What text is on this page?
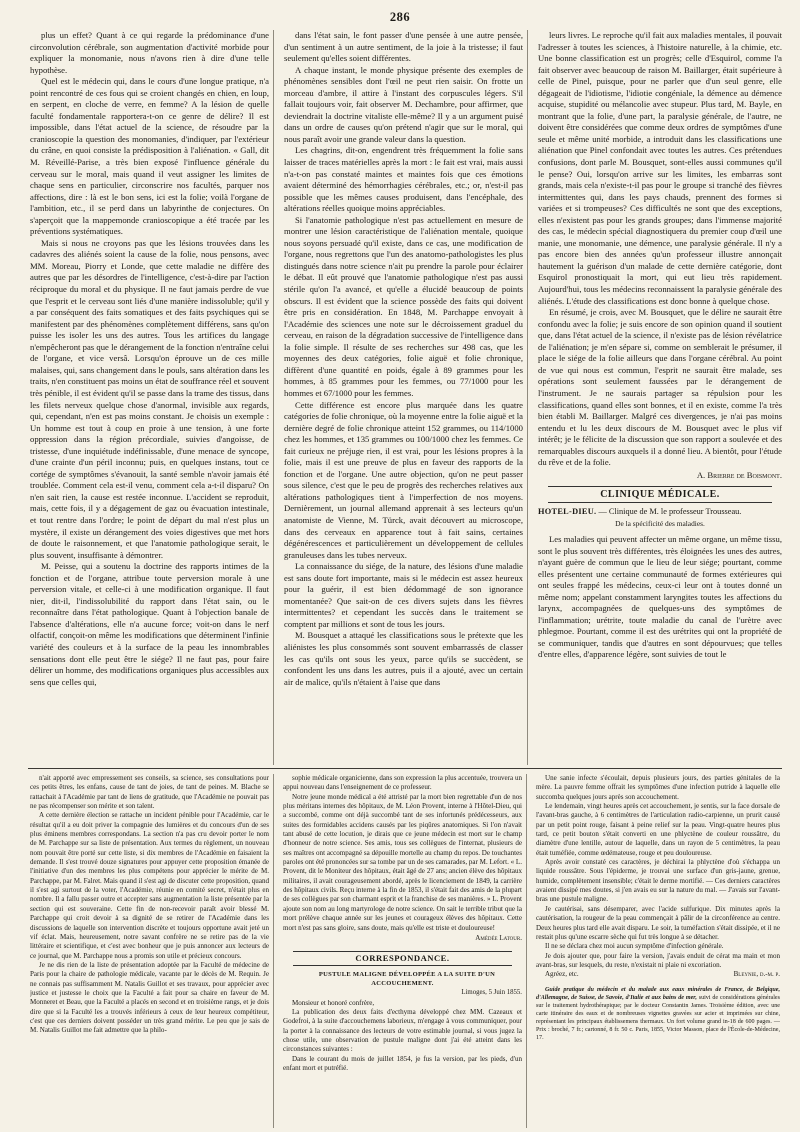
286

plus un effet? Quant à ce qui regarde la prédominance d'une circonvolution cérébrale, son augmentation d'activité morbide pour expliquer la monomanie, nous n'avons rien à dire d'une telle hypothèse.

Quel est le médecin qui, dans le cours d'une longue pratique, n'a point rencontré de ces fous qui se croient changés en chien, en loup, en serpent, en cloche de verre, en femme? A la lésion de quelle faculté fondamentale rapportera-t-on ce genre de délire? Il est impossible, dans l'état actuel de la science, de résoudre par la cranioscopie la question des monomanies, d'indiquer, par l'extérieur du crâne, en quoi consiste la prédisposition à l'aliénation. « Gall, dit M. Réveillé-Parise, a très bien exposé l'influence générale du cerveau sur le moral, mais quand il veut assigner les limites de chaque sens en particulier, circonscrire nos facultés, parquer nos affections, dire : là est le bon sens, ici est la folie; voilà l'organe de l'ambition, etc., il se perd dans un labyrinthe de conjectures. On s'aperçoit que la mappemonde cranioscopique a été tracée par les préventions systématiques.

Mais si nous ne croyons pas que les lésions trouvées dans les cadavres des aliénés soient la cause de la folie, nous pensons, avec MM. Moreau, Piorry et Londe, que cette maladie ne diffère des autres que par les désordres de l'intelligence, c'est-à-dire par l'action réciproque du moral et du physique. Il ne faut jamais perdre de vue que l'esprit et le cerveau sont liés d'une manière indissoluble; qu'il y a par conséquent des faits somatiques et des faits psychiques qui se manifestent par des phénomènes complètement différens, sans qu'on puisse les isoler les uns des autres. Tous les artifices du langage n'empêcheront pas que le dérangement de la fonction n'entraîne celui de l'organe, et vice versâ. Lorsqu'on éprouve un de ces mille malaises, qui, sans changement dans le pouls, sans altération dans les traits, n'en constituent pas moins un état de souffrance réel et souvent très pénible, il est évident qu'il se passe dans la trame des tissus, dans les filets nerveux quelque chose d'anormal, invisible aux regards, qui, cependant, n'en est pas moins constant. Je choisis un exemple : Un homme est tout à coup en proie à une tension, à une forte oppression dans la région précordiale, suivies d'angoisse, de tristesse, d'une inquiétude indéfinissable, d'une menace de syncope, d'une crainte d'un péril inconnu; puis, en quelques instans, tout ce cortége de symptômes s'évanouit, la santé semble n'avoir jamais été troublée. Comment cela est-il venu, comment cela a-t-il disparu? On n'en sait rien, la cause est restée inconnue. L'accident se reproduit, mais, cette fois, il y a dégagement de gaz ou évacuation intestinale, et tout rentre dans l'ordre; le point de départ du mal n'est plus un mystère, il existe un dérangement des voies digestives que met hors de doute le raisonnement, et que l'anatomie pathologique serait, le plus souvent, insuffisante à démontrer.

M. Peisse, qui a soutenu la doctrine des rapports intimes de la fonction et de l'organe, attribue toute perversion morale à une perversion vitale, et celle-ci à une modification organique. Il faut nier, dit-il, l'indissolubilité du rapport dans l'état sain, ou le reconnaître dans l'état pathologique. Quant à l'objection banale de l'absence d'altérations, elle n'a aucune force; voit-on dans le nerf olfactif, conçoit-on même les modifications que déterminent l'infinie variété des couleurs et à la surface de la peau les innombrables sensations dont elle peut être le siége? Il ne faut pas, pour faire délirer un homme, des modifications organiques plus accessibles aux sens que celles qui,

dans l'état sain, le font passer d'une pensée à une autre pensée, d'un sentiment à un autre sentiment, de la joie à la tristesse; il faut seulement qu'elles soient différentes.

A chaque instant, le monde physique présente des exemples de phénomènes sensibles dont l'œil ne peut rien saisir. On frotte un morceau d'ambre, il attire à l'instant des corpuscules légers. S'il fallait toujours voir, fait observer M. Dechambre, pour affirmer, que deviendrait la doctrine vitaliste elle-même? Il y a un argument puisé dans un ordre de causes qu'on prétend n'agir que sur le moral, qui nous paraît avoir une grande valeur dans la question.

Les chagrins, dit-on, engendrent très fréquemment la folie sans laisser de traces matérielles après la mort : le fait est vrai, mais aussi n'a-t-on pas constaté maintes et maintes fois que ces émotions avaient déterminé des hémorrhagies cérébrales, etc.; or, n'est-il pas possible que les mêmes causes produisent, dans l'encéphale, des altérations réelles quoique moins appréciables.

Si l'anatomie pathologique n'est pas actuellement en mesure de montrer une lésion caractéristique de l'aliénation mentale, quoique nous soyons persuadé qu'il existe, dans ce cas, une modification de l'organe, nous regrettons que l'un des anatomo-pathologistes les plus distingués dans notre science n'ait pu prendre la parole pour éclairer le débat. Il eût prouvé que l'anatomie pathologique n'est pas aussi stérile qu'on l'a avancé, et qu'elle a élucidé beaucoup de points obscurs. Il est évident que la science possède des faits qui doivent être pris en considération. En 1848, M. Parchappe envoyait à l'Académie des sciences une note sur le décroissement graduel du cerveau, en raison de la dégradation successive de l'intelligence dans la folie simple. Il résulte de ses recherches sur 498 cas, que les moyennes des deux catégories, folie aiguë et folie chronique, diffèrent d'une quantité en poids, égale à 89 grammes pour les hommes, à 85 grammes pour les femmes, ou 77/1000 pour les hommes et 67/1000 pour les femmes.

Cette différence est encore plus marquée dans les quatre catégories de folie chronique, où la moyenne entre la folie aiguë et la dernière degré de folie chronique atteint 152 grammes, ou 114/1000 chez les hommes, et 135 grammes ou 100/1000 chez les femmes. Ce fait curieux ne préjuge rien, il est vrai, pour les lésions propres à la folie, mais il est une preuve de plus en faveur des rapports de la fonction et de l'organe. Une autre objection, qu'on ne peut passer sous silence, c'est que le peu de progrès des recherches relatives aux altérations pathologiques tient à l'imperfection de nos moyens. Dernièrement, un journal allemand apprenait à ses lecteurs qu'un anatomiste de Vienne, M. Türck, avait découvert au microscope, dans des cerveaux en apparence tout à fait sains, certaines dégénérescences et particulièrement un développement de cellules granuleuses dans les tubes nerveux.

La connaissance du siége, de la nature, des lésions d'une maladie est sans doute fort importante, mais si le médecin est assez heureux pour la guérir, il est bien dédommagé de son ignorance momentanée? Que sait-on de ces divers sujets dans les fièvres intermittentes? et cependant les succès dans le traitement se comptent par millions et sont de tous les jours.

M. Bousquet a attaqué les classifications sous le prétexte que les aliénistes les plus consommés sont souvent embarrassés de classer les cas qu'ils ont sous les yeux, parce qu'ils se succèdent, se confondent les uns dans les autres, puis il a ajouté, avec un certain air de malice, qu'ils n'étaient à l'aise que dans

leurs livres. Le reproche qu'il fait aux maladies mentales, il pouvait l'adresser à toutes les sciences, à l'histoire naturelle, à la chimie, etc. Une bonne classification est un progrès; celle d'Esquirol, comme l'a fait observer avec beaucoup de raison M. Baillarger, était supérieure à celle de Pinel, puisque, pour ne parler que d'un seul genre, elle dégageait de l'idiotisme, l'idiotie congéniale, la démence au démence acquise, stupidité ou mélancolie avec stupeur. Plus tard, M. Bayle, en montrant que la folie, d'une part, la paralysie générale, de l'autre, ne doivent être considérées que comme deux ordres de symptômes d'une seule et même unité morbide, a introduit dans les classifications une aliénation que Pinel confondait avec toutes les autres. Ces prétendues confusions, dont parle M. Bousquet, sont-elles aussi communes qu'il le pense? Oui, lorsqu'on arrive sur les limites, les embarras sont grands, mais cela n'existe-t-il pas pour le groupe si tranché des fièvres intermittentes qui, dans les pays chauds, prennent des formes si variées et si trompeuses? Ces difficultés ne sont que des exceptions, elles n'existent pas pour les grands groupes; dans l'immense majorité des cas, le médecin spécial diagnostiquera du premier coup d'œil une manie, une monomanie, une démence, une paralysie générale. Il n'y a pas encore bien des années qu'un professeur illustre annonçait hautement la guérison d'un malade de cette dernière catégorie, dont Esquirol pronostiquait la mort, qui eut lieu très rapidement. Aujourd'hui, tous les médecins reconnaissent la paralysie générale des aliénés. L'étude des classifications est donc bonne à quelque chose.

En résumé, je crois, avec M. Bousquet, que le délire ne saurait être confondu avec la folie; je suis encore de son opinion quand il soutient que, dans l'état actuel de la science, il n'existe pas de lésion révélatrice de l'aliénation; je m'en sépare si, comme on semblerait le présumer, il place le siége de la folie ailleurs que dans l'organe cérébral. Au point de vue qui nous est commun, l'esprit ne saurait être malade, ses opérations sont seulement faussées par le dérangement de l'instrument. Je ne saurais partager sa répulsion pour les classifications, quand elles sont bonnes, et il en existe, comme l'a très bien établi M. Baillarger. Malgré ces divergences, je n'ai pas moins entendu et lu les deux discours de M. Bousquet avec le plus vif intérêt; je le félicite de la discussion que son rapport a soulevée et des remarquables discours auxquels il a donné lieu. A bientôt, pour l'étude du rêve et de la folie.

A. Brierre de Boismont.

CLINIQUE MÉDICALE.

HOTEL-DIEU. — Clinique de M. le professeur Trousseau.

De la spécificité des maladies.

Les maladies qui peuvent affecter un même organe, un même tissu, sont le plus souvent très différentes, très éloignées les unes des autres, n'ayant guère de commun que le lieu de leur siége; pourtant, comme elles présentent une certaine communauté de formes extérieures qui ont seules frappé les médecins, ceux-ci leur ont à toutes donné un même nom; appelant constamment laryngites toutes les affections du larynx, accompagnées de quelques-uns des symptômes de l'inflammation; urétrite, toute maladie du canal de l'urètre avec phlegmoe. Pourtant, comme il est des urétrites qui ont la propriété de se communiquer, tandis que d'autres en sont dépourvues; que telles d'entre elles, d'apparence légère, sont suivies de tout le

n'ait apporté avec empressement ses conseils, sa science, ses consultations pour ces petits êtres, les enfans, cause de tant de joies, de tant de peines. M. Blache se rattachait à l'Académie par tant de liens de gratitude, que l'Académie ne pouvait pas ne pas récompenser son mérite et son talent.

A cette dernière élection se rattache un incident pénible pour l'Académie, car le résultat qu'il a eu doit priver la compagnie des lumières et du concours d'un de ses plus éminens membres correspondans. La section n'a pas cru devoir porter le nom de M. Parchappe sur sa liste de présentation. Aux termes du règlement, un nouveau nom pouvait être porté sur cette liste, si dix membres de l'Académie en faisaient la demande. Il s'est trouvé douze signatures pour appuyer cette proposition émanée de l'initiative d'un des membres les plus compétens pour apprécier le mérite de M. Parchappe, par M. Falret. Mais quand il s'est agi de discuter cette proposition, quand il s'est agi surtout de la voter, l'Académie, réunie en comité secret, n'était plus en nombre. Il a fallu passer outre et accepter sans augmentation la liste présentée par la section qui est souveraine. Cette fin de non-recevoir paraît avoir blessé M. Parchappe qui croit devoir à sa dignité de se retirer de l'Académie dans les discussions de laquelle son intervention discrète et toujours opportune avait jeté un vif éclat. Mais, heureusement, notre savant confrère ne se retire pas de la vie littéraire et scientifique, et c'est avec bonheur que je puis annoncer aux lecteurs de ce journal, que M. Parchappe nous a promis son utile et précieux concours.

Je ne dis rien de la liste de présentation adoptée par la Faculté de médecine de Paris pour la chaire de pathologie médicale, vacante par le décès de M. Requin. Je ne connais pas suffisamment M. Natalis Guillot et ses travaux, pour apprécier avec justice et justesse le choix que la Faculté a fait pour sa chaire en faveur de M. Monneret et Beau, que la Faculté a placés en second et en troisième rangs, et je dois dire que si la Faculté les a trouvés inférieurs à ceux de leur heureux compétiteur, c'est que ces derniers doivent posséder un très grand mérite. Le peu que je sais de M. Natalis Guillot me fait admettre que la philo-

sophie médicale organicienne, dans son expression la plus accentuée, trouvera un appui nouveau dans l'enseignement de ce professeur.

Notre jeune monde médical a été attristé par la mort bien regrettable d'un de nos plus méritans internes des hôpitaux, de M. Léon Provent, interne à l'Hôtel-Dieu, qui a succombé, comme ont déjà succombé tant de ses infortunés prédécesseurs, aux suites des formidables accidens causés par les piqûres anatomiques. Si l'on n'avait tant abusé de cette locution, je dirais que ce jeune médecin est mort sur le champ d'honneur de notre science. Ses amis, tous ses collègues de l'internat, plusieurs de ses maîtres ont accompagné sa dépouille mortelle au champ du repos. De touchantes paroles ont été prononcées sur sa tombe par un de ses camarades, par M. Lefort. « L. Provent, dit le Moniteur des hôpitaux, était âgé de 27 ans; ancien élève des hôpitaux militaires, il avait courageusement abordé, après le licenciement de 1849, la carrière des hôpitaux civils. Reçu interne à la fin de 1853, il s'était fait des amis de la plupart de ses collègues par son charmant esprit et la franchise de ses manières. » L. Provent ajoute son nom au long martyrologe de notre science. On sait le terrible tribut que la mort prélève chaque année sur les jeunes et courageux élèves des hôpitaux. Cette mort n'est pas sans gloire, sans doute, mais qu'elle est triste et douloureuse!

Amédée Latour.

CORRESPONDANCE.

PUSTULE MALIGNE DÉVELOPPÉE A LA SUITE D'UN ACCOUCHEMENT.

Limoges, 5 Juin 1855.

Monsieur et honoré confrère,

La publication des deux faits d'ecthyma développé chez MM. Cazeaux et Godefroi, à la suite d'accouchemens laborieux, m'engage à vous communiquer, pour la porter à la connaissance des lecteurs de votre estimable journal, si vous jugez la chose utile, une observation de pustule maligne dont j'ai été atteint dans les circonstances suivantes :

Dans le courant du mois de juillet 1854, je fus la version, par les pieds, d'un enfant mort et putréfié.

Une sanie infecte s'écoulait, depuis plusieurs jours, des parties génitales de la mère. La pauvre femme offrait les symptômes d'une infection putride à laquelle elle succomba quelques jours après son accouchement.

Le lendemain, vingt heures après cet accouchement, je sentis, sur la face dorsale de l'avant-bras gauche, à 6 centimètres de l'articulation radio-carpienne, un prurit causé par un petit point rouge, faisant à peine relief sur la peau. Vingt-quatre heures plus tard, ce petit bouton s'était converti en une phlyctène de couleur roussâtre, du diamètre d'une lentille, autour de laquelle, dans un rayon de 5 centimètres, la peau était tuméfiée, comme œdémateuse, rouge et peu douloureuse.

Après avoir constaté ces caractères, je déchirai la phlyctène d'où s'échappa un liquide roussâtre. Sous l'épiderme, je trouvai une surface d'un gris-jaune, grenue, humide, complètement insensible; c'était le derme mortifié. — Ces derniers caractères avaient dissipé mes doutes, si j'en avais eu sur la nature du mal. — J'avais sur l'avant-bras une pustule maligne.

Je cautérisai, sans désemparer, avec l'acide sulfurique. Dix minutes après la cautérisation, la rougeur de la peau commençait à pâlir de la circonférence au centre. Deux heures plus tard elle avait disparu. Le soir, la tuméfaction s'était dissipée, et il ne restait plus qu'une escarre sèche qui fut très longue à se détacher.

Il ne se déclara chez moi aucun symptôme d'infection générale.

Je dois ajouter que, pour faire la version, j'avais enduit de cérat ma main et mon avant-bras, sur lesquels, du reste, n'existait ni plaie ni excoriation.

Agréez, etc.	Bleynie, d.-m. p.

Guide pratique du médecin et du malade aux eaux minérales de France, de Belgique, d'Allemagne, de Suisse, de Savoie, d'Italie et aux bains de mer, suivi de considérations générales sur le traitement hydrothérapique; par le docteur Constantin James. Troisième édition, avec une carte itinéraire des eaux et de nombreuses vignettes gravées sur acier et imprimées sur chine, représentant les principaux établissemens thermaux. Un fort volume grand in-18 de 600 pages. — Prix : broché, 7 fr.; cartonné, 8 fr. 50 c. Paris, 1855, Victor Masson, place de l'École-de-Médecine, 17.
